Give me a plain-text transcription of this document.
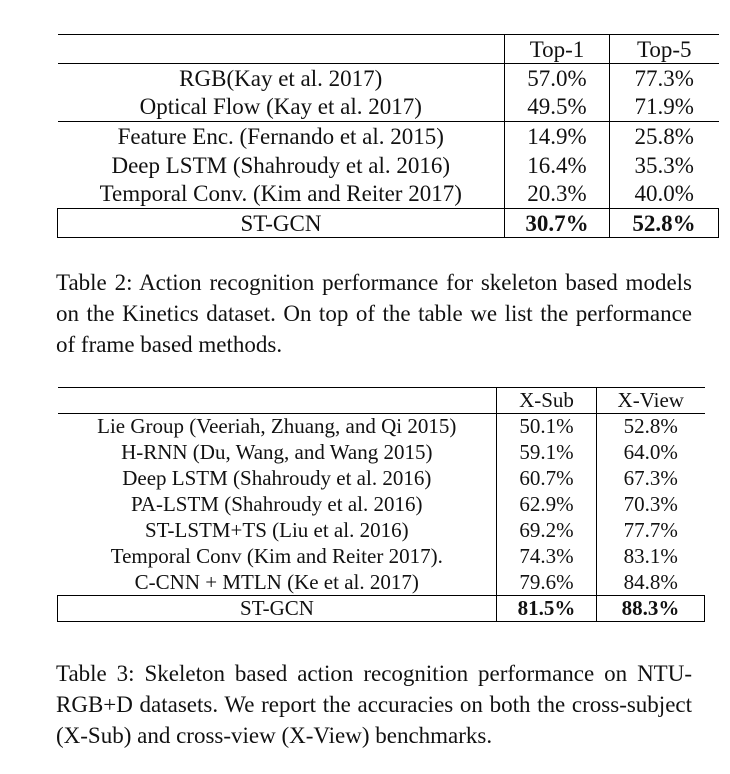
	Top-1	Top-5
RGB(Kay et al. 2017)	57.0%	77.3%
Optical Flow (Kay et al. 2017)	49.5%	71.9%
Feature Enc. (Fernando et al. 2015)	14.9%	25.8%
Deep LSTM (Shahroudy et al. 2016)	16.4%	35.3%
Temporal Conv. (Kim and Reiter 2017)	20.3%	40.0%
ST-GCN	30.7%	52.8%
Table 2: Action recognition performance for skeleton based models on the Kinetics dataset. On top of the table we list the performance of frame based methods.
	X-Sub	X-View
Lie Group (Veeriah, Zhuang, and Qi 2015)	50.1%	52.8%
H-RNN (Du, Wang, and Wang 2015)	59.1%	64.0%
Deep LSTM (Shahroudy et al. 2016)	60.7%	67.3%
PA-LSTM (Shahroudy et al. 2016)	62.9%	70.3%
ST-LSTM+TS (Liu et al. 2016)	69.2%	77.7%
Temporal Conv (Kim and Reiter 2017).	74.3%	83.1%
C-CNN + MTLN (Ke et al. 2017)	79.6%	84.8%
ST-GCN	81.5%	88.3%
Table 3: Skeleton based action recognition performance on NTU-RGB+D datasets. We report the accuracies on both the cross-subject (X-Sub) and cross-view (X-View) benchmarks.
